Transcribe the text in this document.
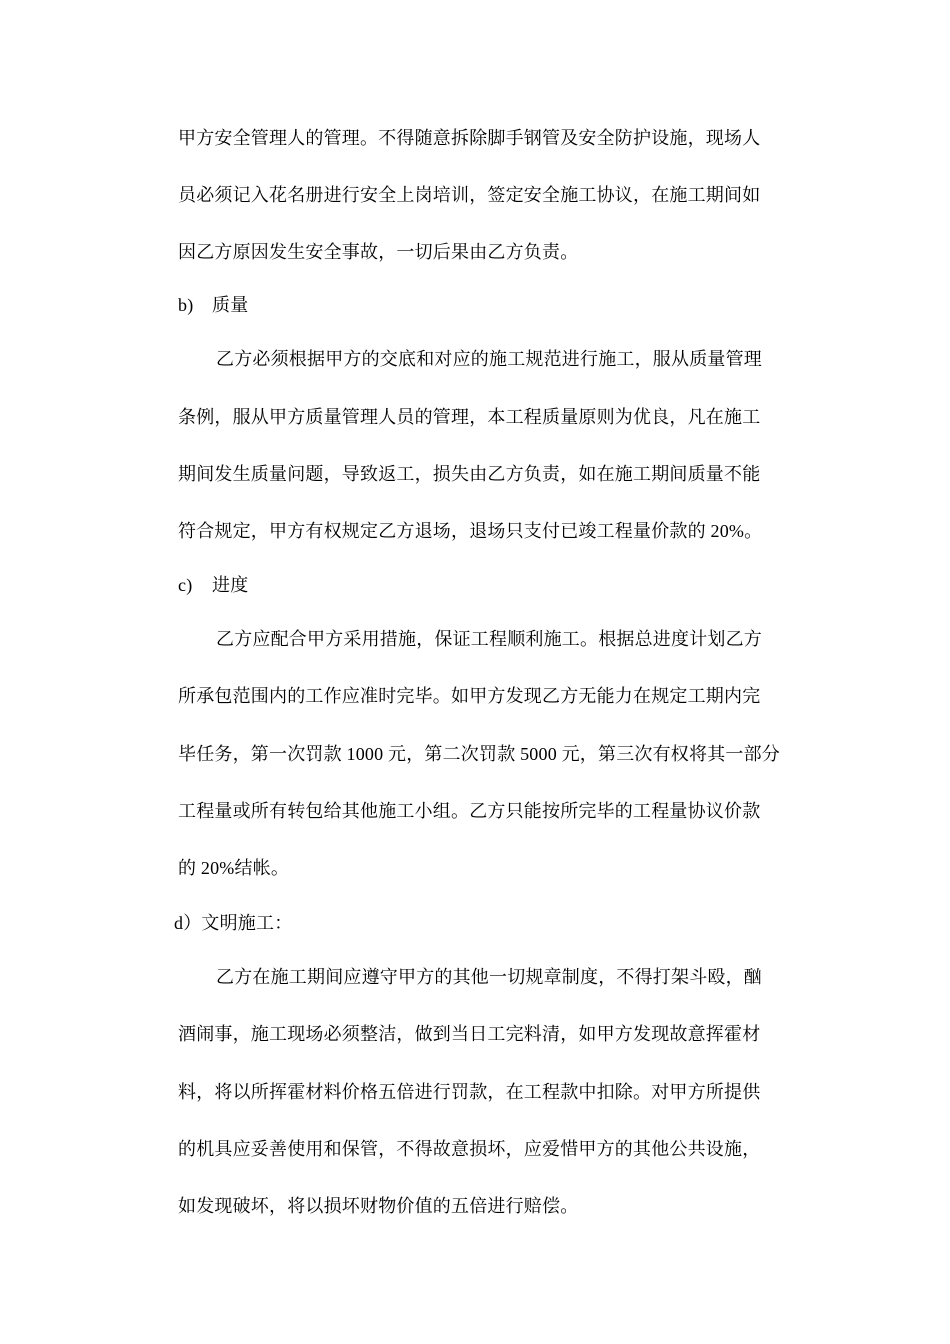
甲方安全管理人的管理。不得随意拆除脚手钢管及安全防护设施，现场人
员必须记入花名册进行安全上岗培训，签定安全施工协议，在施工期间如
因乙方原因发生安全事故，一切后果由乙方负责。
b) 质量
乙方必须根据甲方的交底和对应的施工规范进行施工，服从质量管理
条例，服从甲方质量管理人员的管理，本工程质量原则为优良，凡在施工
期间发生质量问题，导致返工，损失由乙方负责，如在施工期间质量不能
符合规定，甲方有权规定乙方退场，退场只支付已竣工程量价款的 20%。
c) 进度
乙方应配合甲方采用措施，保证工程顺利施工。根据总进度计划乙方
所承包范围内的工作应准时完毕。如甲方发现乙方无能力在规定工期内完
毕任务，第一次罚款 1000 元，第二次罚款 5000 元，第三次有权将其一部分
工程量或所有转包给其他施工小组。乙方只能按所完毕的工程量协议价款
的 20%结帐。
d）文明施工：
乙方在施工期间应遵守甲方的其他一切规章制度，不得打架斗殴，酗
酒闹事，施工现场必须整洁，做到当日工完料清，如甲方发现故意挥霍材
料，将以所挥霍材料价格五倍进行罚款，在工程款中扣除。对甲方所提供
的机具应妥善使用和保管，不得故意损坏，应爱惜甲方的其他公共设施，
如发现破坏，将以损坏财物价值的五倍进行赔偿。
